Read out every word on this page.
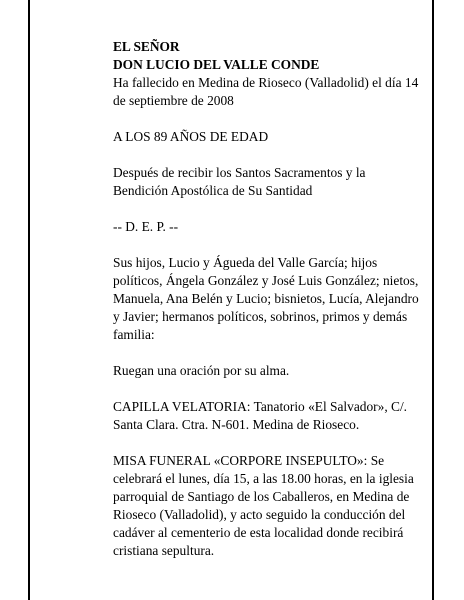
EL SEÑOR

DON LUCIO DEL VALLE CONDE

Ha fallecido en Medina de Rioseco (Valladolid) el día 14 de septiembre de 2008

A LOS 89 AÑOS DE EDAD

Después de recibir los Santos Sacramentos y la Bendición Apostólica de Su Santidad

-- D. E. P. --

Sus hijos, Lucio y Águeda del Valle García; hijos políticos, Ángela González y José Luis González; nietos, Manuela, Ana Belén y Lucio; bisnietos, Lucía, Alejandro y Javier; hermanos políticos, sobrinos, primos y demás familia:

Ruegan una oración por su alma.

CAPILLA VELATORIA: Tanatorio «El Salvador», C/. Santa Clara. Ctra. N-601. Medina de Rioseco.

MISA FUNERAL «CORPORE INSEPULTO»: Se celebrará el lunes, día 15, a las 18.00 horas, en la iglesia parroquial de Santiago de los Caballeros, en Medina de Rioseco (Valladolid), y acto seguido la conducción del cadáver al cementerio de esta localidad donde recibirá cristiana sepultura.
